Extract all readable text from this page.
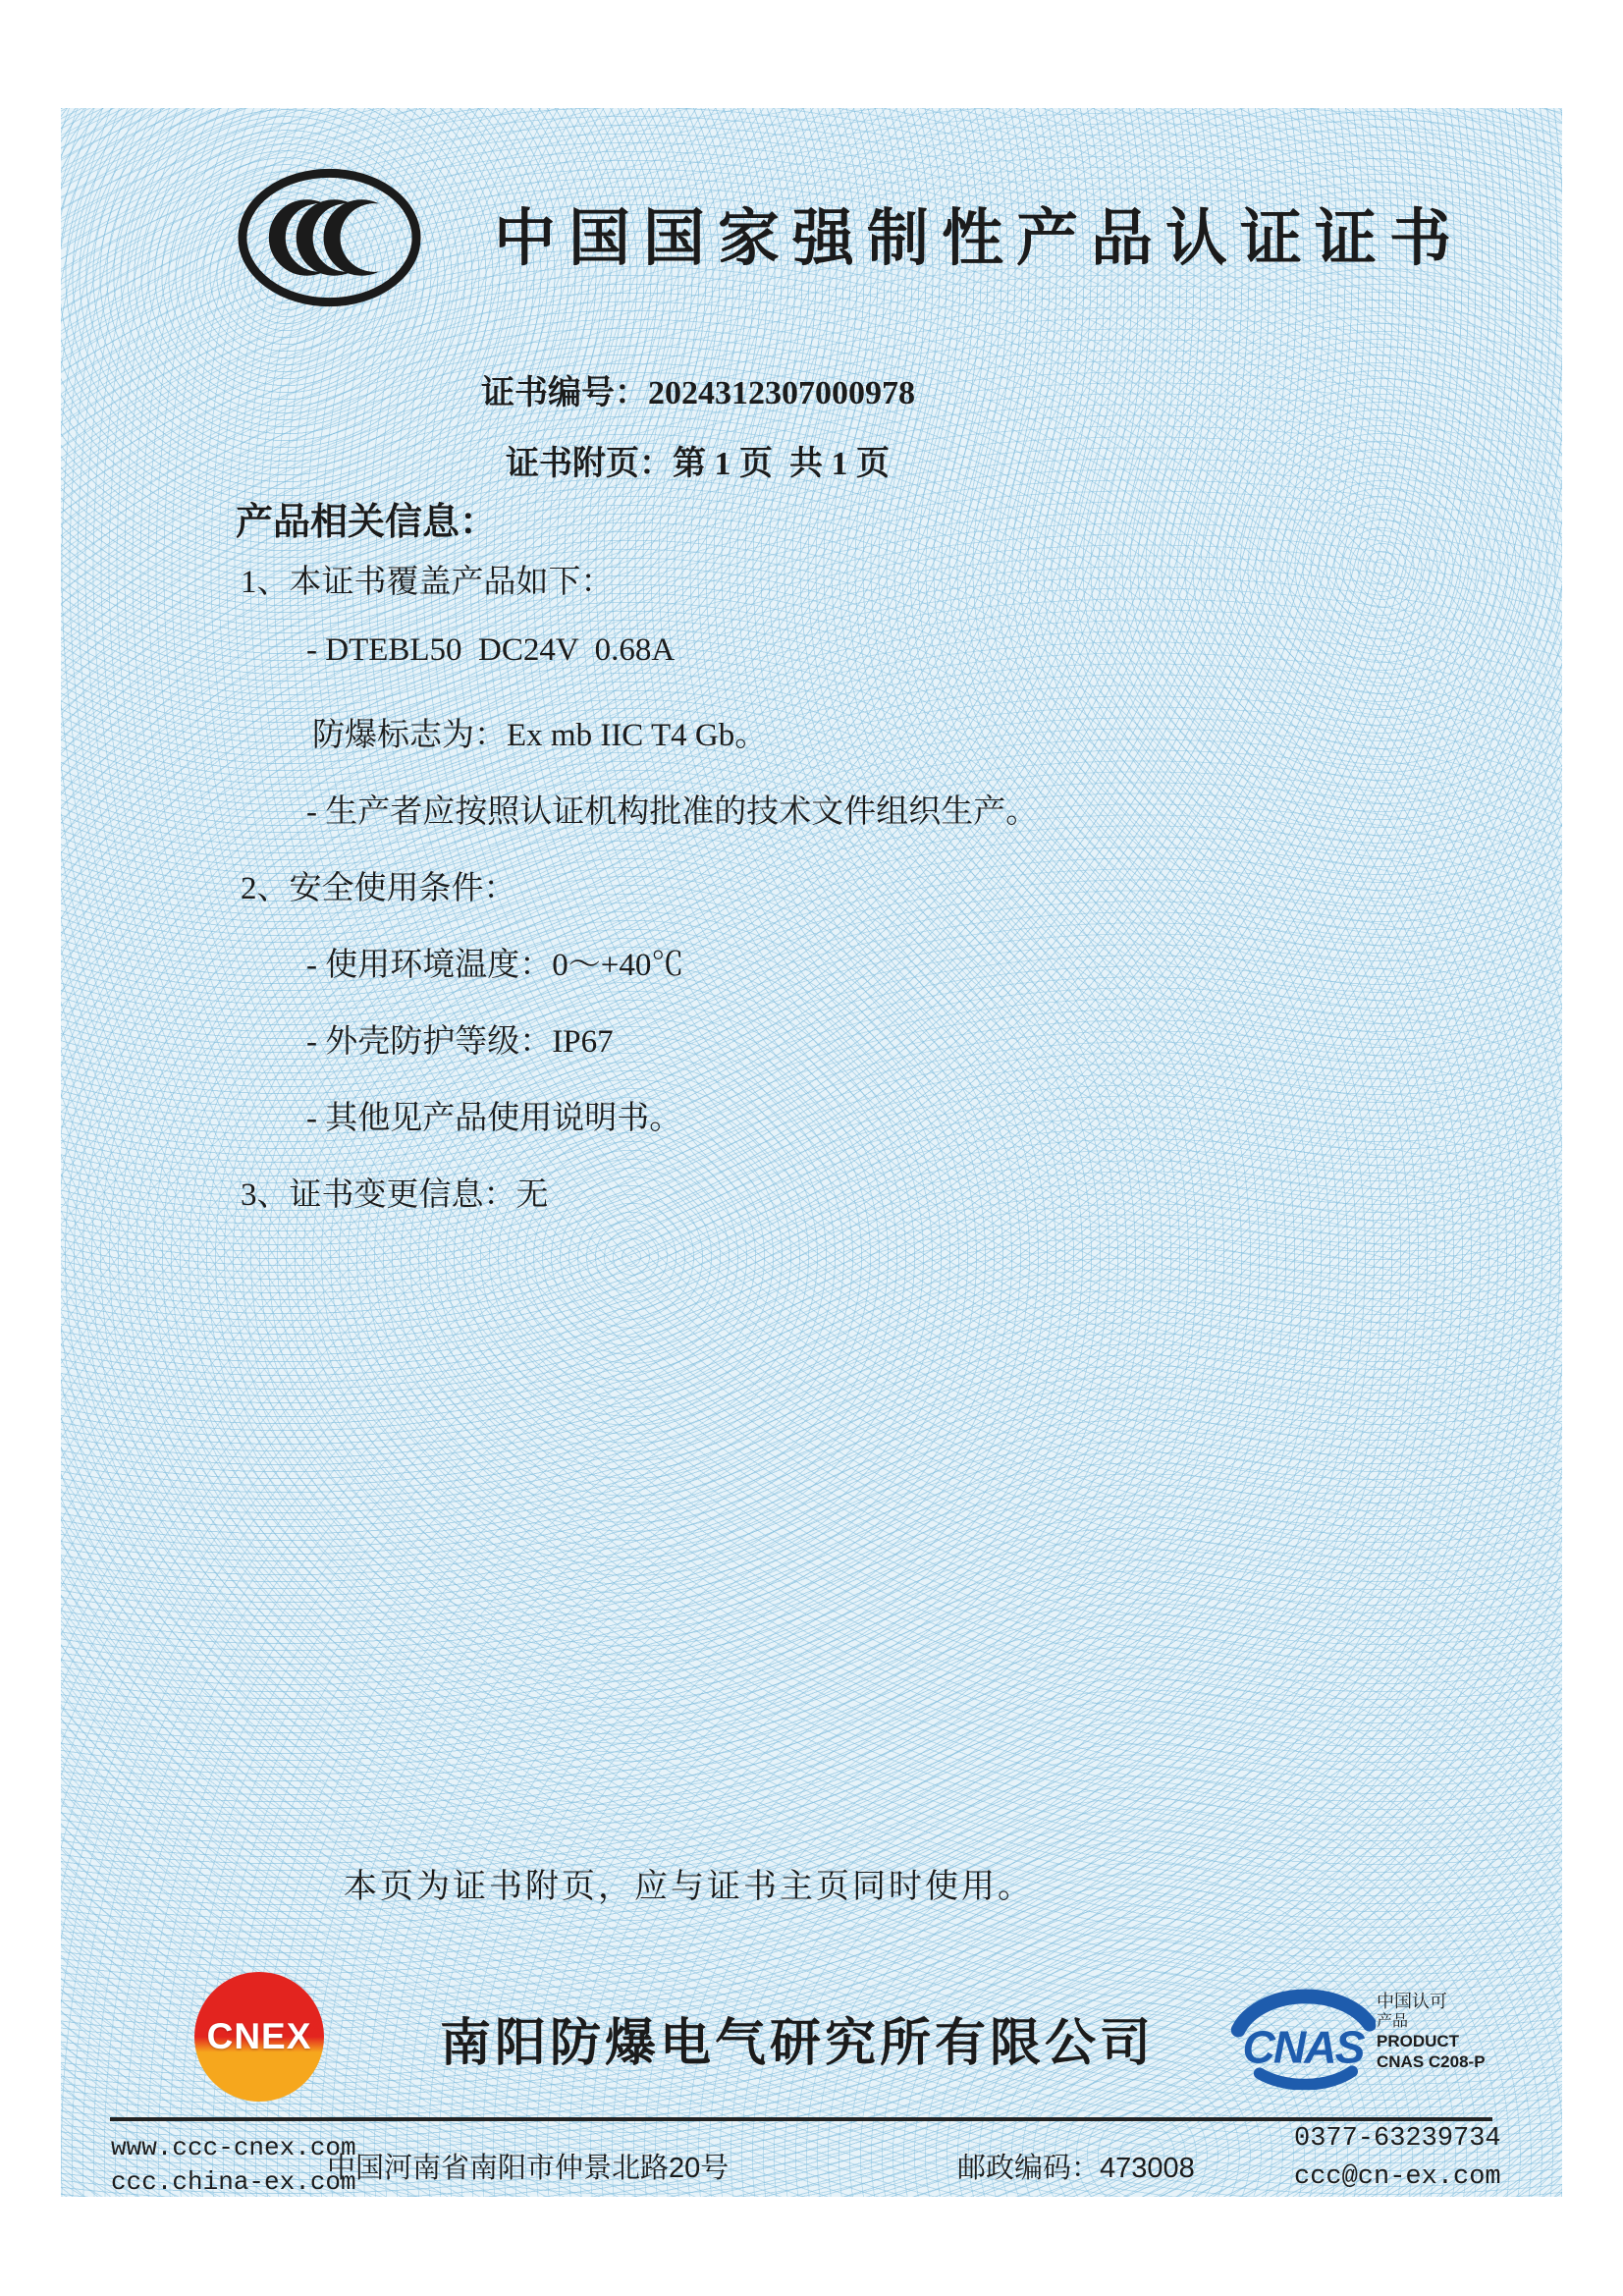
中国国家强制性产品认证证书
证书编号：2024312307000978
证书附页：第 1 页  共 1 页
产品相关信息：
1、本证书覆盖产品如下：
- DTEBL50  DC24V  0.68A
防爆标志为：Ex mb IIC T4 Gb。
- 生产者应按照认证机构批准的技术文件组织生产。
2、安全使用条件：
- 使用环境温度：0～+40℃
- 外壳防护等级：IP67
- 其他见产品使用说明书。
3、证书变更信息：无
本页为证书附页，应与证书主页同时使用。
CNEX	南阳防爆电气研究所有限公司 CNAS
中国认可
产品
PRODUCT
CNAS C208-P
www.ccc-cnex.com
ccc.china-ex.com
中国河南省南阳市仲景北路20号	邮政编码：473008
0377-63239734
ccc@cn-ex.com
